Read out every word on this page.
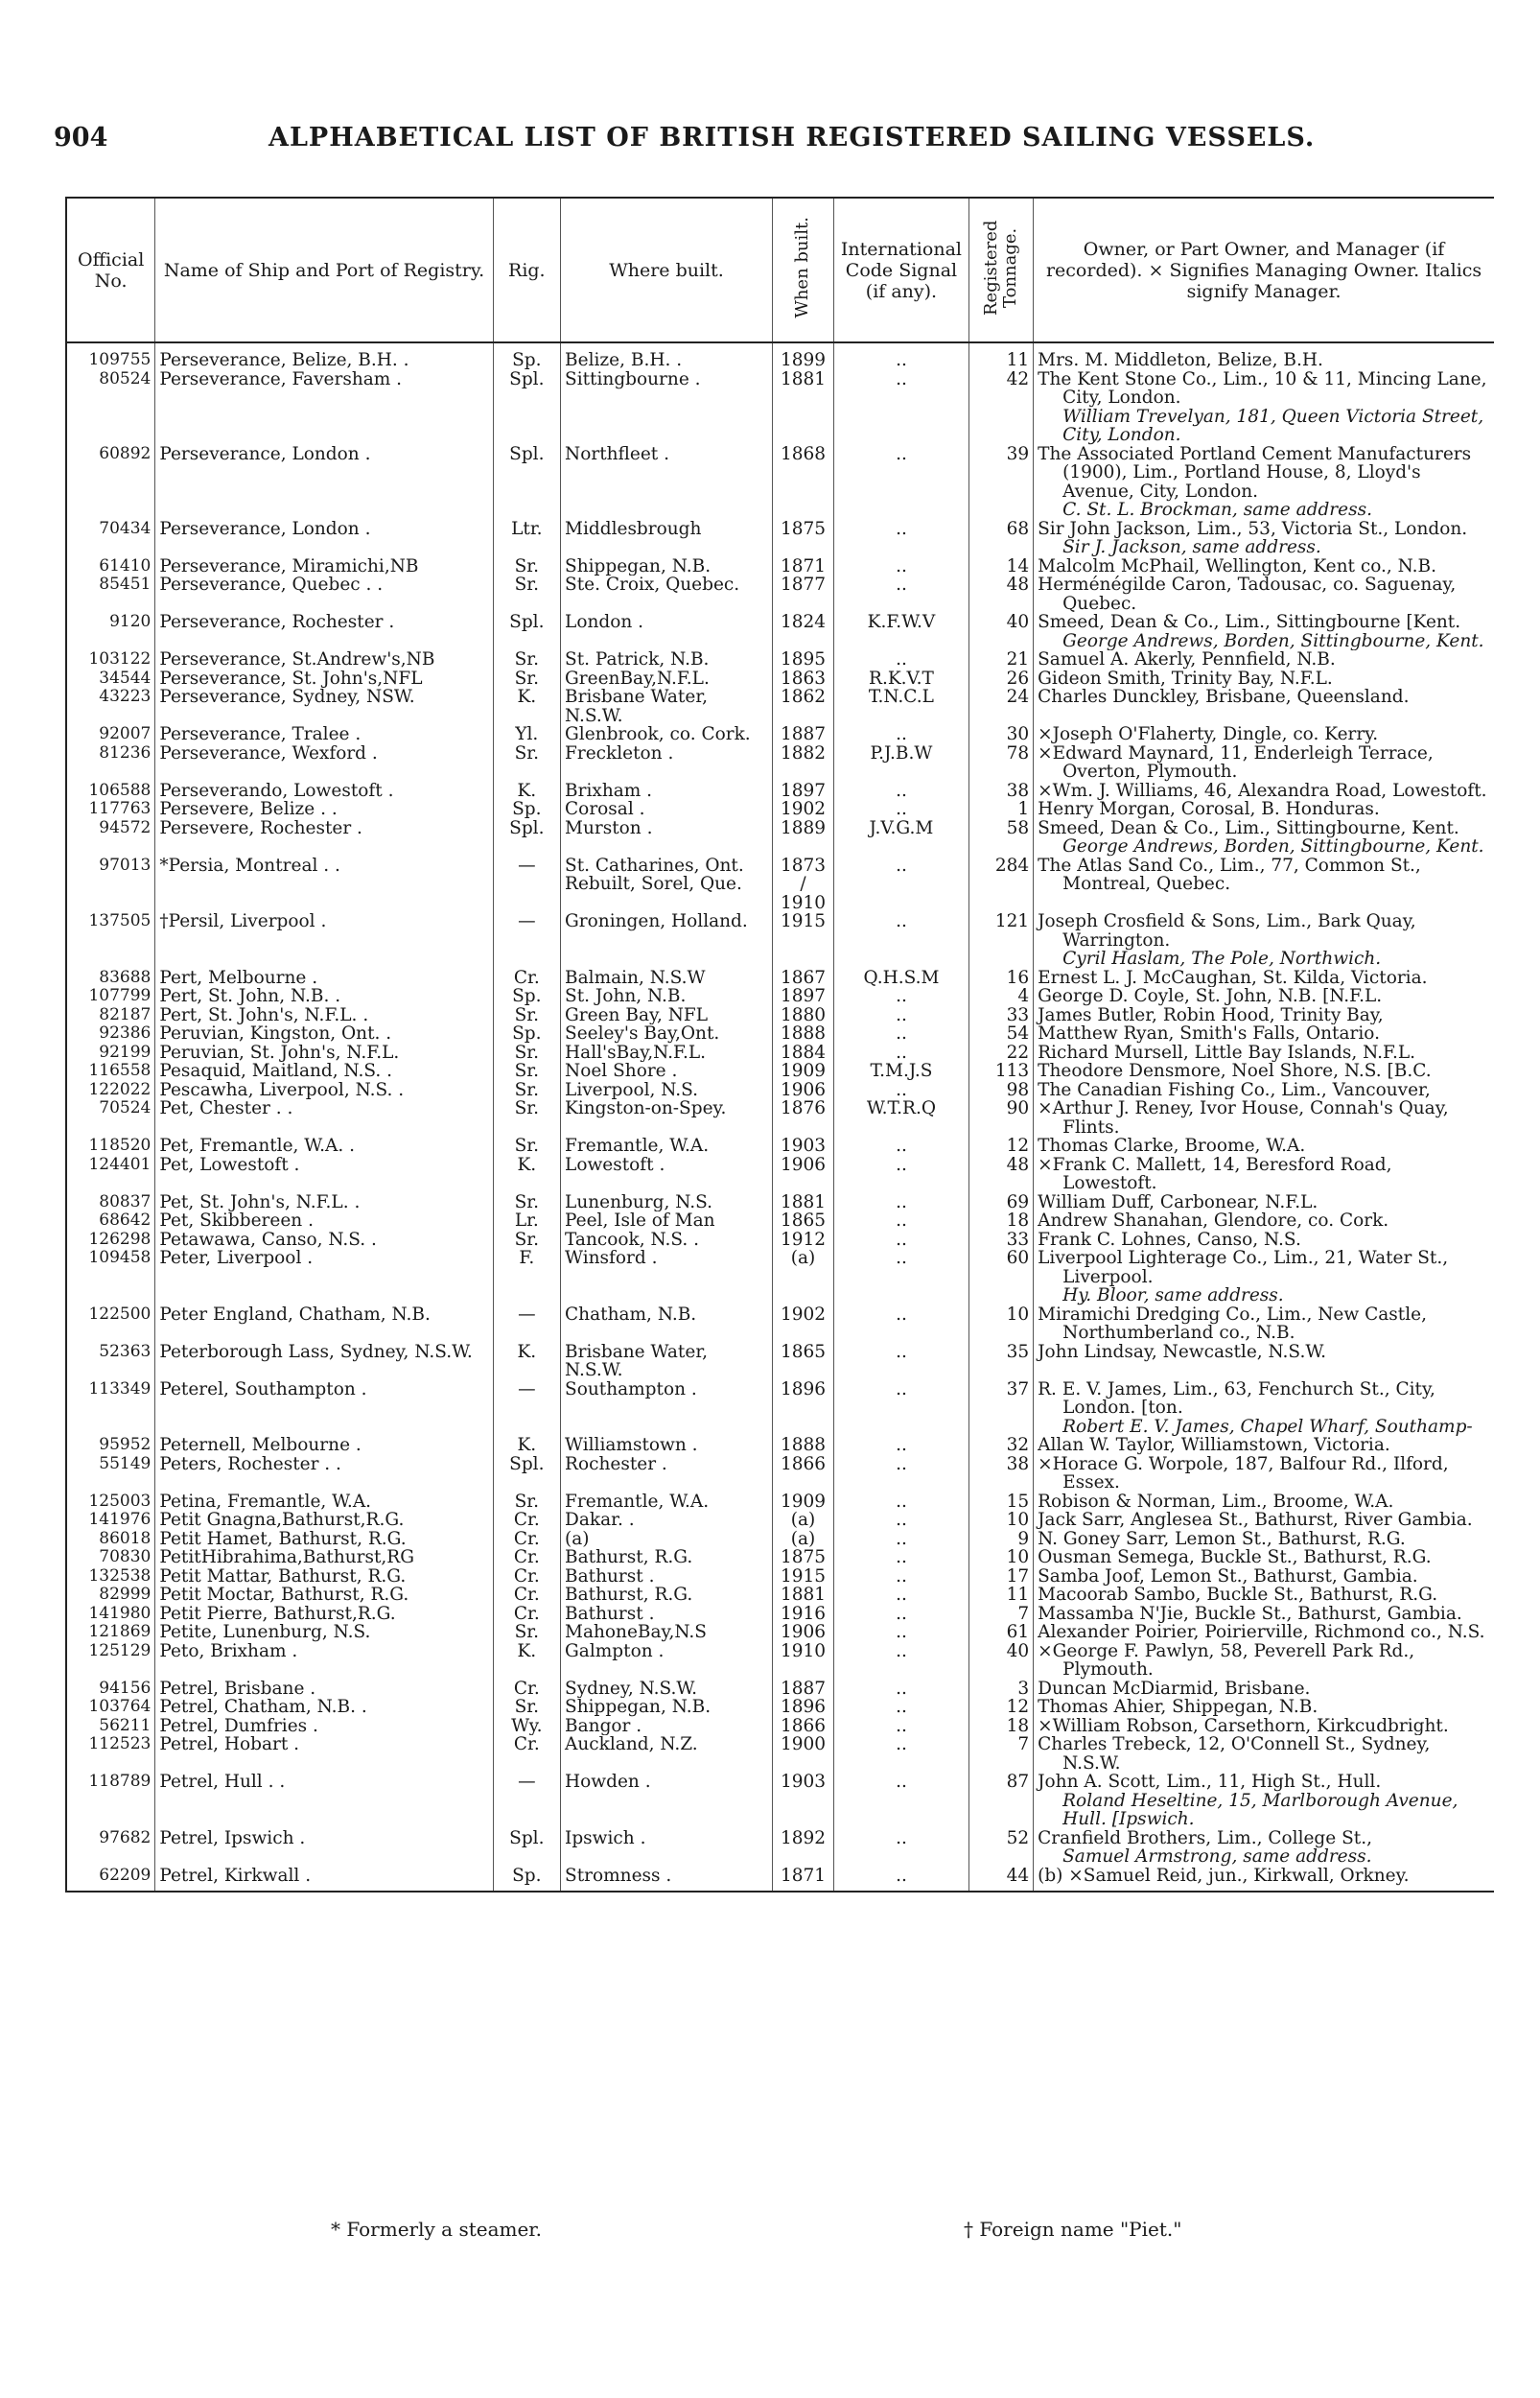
904	ALPHABETICAL LIST OF BRITISH REGISTERED SAILING VESSELS.
Official No.	Name of Ship and Port of Registry.	Rig.	Where built.	When built.	International Code Signal (if any).	Registered Tonnage.	Owner, or Part Owner, and Manager (if recorded). × Signifies Managing Owner. Italics signify Manager.
109755	Perseverance, Belize, B.H. .	Sp.	Belize, B.H. .	1899	..	11	Mrs. M. Middleton, Belize, B.H.

80524	Perseverance, Faversham .	Spl.	Sittingbourne .	1881	..	42	The Kent Stone Co., Lim., 10 & 11, Mincing Lane, City, London.
William Trevelyan, 181, Queen Victoria Street, City, London.

60892	Perseverance, London .	Spl.	Northfleet .	1868	..	39	The Associated Portland Cement Manufacturers (1900), Lim., Portland House, 8, Lloyd's Avenue, City, London.
C. St. L. Brockman, same address.

70434	Perseverance, London .	Ltr.	Middlesbrough	1875	..	68	Sir John Jackson, Lim., 53, Victoria St., London.
Sir J. Jackson, same address.

61410	Perseverance, Miramichi,NB	Sr.	Shippegan, N.B.	1871	..	14	Malcolm McPhail, Wellington, Kent co., N.B.

85451	Perseverance, Quebec . .	Sr.	Ste. Croix, Quebec.	1877	..	48	Herménégilde Caron, Tadousac, co. Saguenay, Quebec.

9120	Perseverance, Rochester .	Spl.	London .	1824	K.F.W.V	40	Smeed, Dean & Co., Lim., Sittingbourne [Kent.
George Andrews, Borden, Sittingbourne, Kent.

103122	Perseverance, St.Andrew's,NB	Sr.	St. Patrick, N.B.	1895	..	21	Samuel A. Akerly, Pennfield, N.B.

34544	Perseverance, St. John's,NFL	Sr.	GreenBay,N.F.L.	1863	R.K.V.T	26	Gideon Smith, Trinity Bay, N.F.L.

43223	Perseverance, Sydney, NSW.	K.	Brisbane Water, N.S.W.	1862	T.N.C.L	24	Charles Dunckley, Brisbane, Queensland.

92007	Perseverance, Tralee .	Yl.	Glenbrook, co. Cork.	1887	..	30	×Joseph O'Flaherty, Dingle, co. Kerry.

81236	Perseverance, Wexford .	Sr.	Freckleton .	1882	P.J.B.W	78	×Edward Maynard, 11, Enderleigh Terrace, Overton, Plymouth.

106588	Perseverando, Lowestoft .	K.	Brixham .	1897	..	38	×Wm. J. Williams, 46, Alexandra Road, Lowestoft.

117763	Persevere, Belize . .	Sp.	Corosal .	1902	..	1	Henry Morgan, Corosal, B. Honduras.

94572	Persevere, Rochester .	Spl.	Murston .	1889	J.V.G.M	58	Smeed, Dean & Co., Lim., Sittingbourne, Kent.
George Andrews, Borden, Sittingbourne, Kent.

97013	*Persia, Montreal . .	—	St. Catharines, Ont. Rebuilt, Sorel, Que.	1873 / 1910	..	284	The Atlas Sand Co., Lim., 77, Common St., Montreal, Quebec.

137505	†Persil, Liverpool .	—	Groningen, Holland.	1915	..	121	Joseph Crosfield & Sons, Lim., Bark Quay, Warrington.
Cyril Haslam, The Pole, Northwich.

83688	Pert, Melbourne .	Cr.	Balmain, N.S.W	1867	Q.H.S.M	16	Ernest L. J. McCaughan, St. Kilda, Victoria.

107799	Pert, St. John, N.B. .	Sp.	St. John, N.B.	1897	..	4	George D. Coyle, St. John, N.B. [N.F.L.

82187	Pert, St. John's, N.F.L. .	Sr.	Green Bay, NFL	1880	..	33	James Butler, Robin Hood, Trinity Bay,

92386	Peruvian, Kingston, Ont. .	Sp.	Seeley's Bay,Ont.	1888	..	54	Matthew Ryan, Smith's Falls, Ontario.

92199	Peruvian, St. John's, N.F.L.	Sr.	Hall'sBay,N.F.L.	1884	..	22	Richard Mursell, Little Bay Islands, N.F.L.

116558	Pesaquid, Maitland, N.S. .	Sr.	Noel Shore .	1909	T.M.J.S	113	Theodore Densmore, Noel Shore, N.S. [B.C.

122022	Pescawha, Liverpool, N.S. .	Sr.	Liverpool, N.S.	1906	..	98	The Canadian Fishing Co., Lim., Vancouver,

70524	Pet, Chester . .	Sr.	Kingston-on-Spey.	1876	W.T.R.Q	90	×Arthur J. Reney, Ivor House, Connah's Quay, Flints.

118520	Pet, Fremantle, W.A. .	Sr.	Fremantle, W.A.	1903	..	12	Thomas Clarke, Broome, W.A.

124401	Pet, Lowestoft .	K.	Lowestoft .	1906	..	48	×Frank C. Mallett, 14, Beresford Road, Lowestoft.

80837	Pet, St. John's, N.F.L. .	Sr.	Lunenburg, N.S.	1881	..	69	William Duff, Carbonear, N.F.L.

68642	Pet, Skibbereen .	Lr.	Peel, Isle of Man	1865	..	18	Andrew Shanahan, Glendore, co. Cork.

126298	Petawawa, Canso, N.S. .	Sr.	Tancook, N.S. .	1912	..	33	Frank C. Lohnes, Canso, N.S.

109458	Peter, Liverpool .	F.	Winsford .	(a)	..	60	Liverpool Lighterage Co., Lim., 21, Water St., Liverpool.
Hy. Bloor, same address.

122500	Peter England, Chatham, N.B.	—	Chatham, N.B.	1902	..	10	Miramichi Dredging Co., Lim., New Castle, Northumberland co., N.B.

52363	Peterborough Lass, Sydney, N.S.W.	K.	Brisbane Water, N.S.W.	1865	..	35	John Lindsay, Newcastle, N.S.W.

113349	Peterel, Southampton .	—	Southampton .	1896	..	37	R. E. V. James, Lim., 63, Fenchurch St., City, London. [ton.
Robert E. V. James, Chapel Wharf, Southamp-

95952	Peternell, Melbourne .	K.	Williamstown .	1888	..	32	Allan W. Taylor, Williamstown, Victoria.

55149	Peters, Rochester . .	Spl.	Rochester .	1866	..	38	×Horace G. Worpole, 187, Balfour Rd., Ilford, Essex.

125003	Petina, Fremantle, W.A.	Sr.	Fremantle, W.A.	1909	..	15	Robison & Norman, Lim., Broome, W.A.

141976	Petit Gnagna,Bathurst,R.G.	Cr.	Dakar. .	(a)	..	10	Jack Sarr, Anglesea St., Bathurst, River Gambia.

86018	Petit Hamet, Bathurst, R.G.	Cr.	(a)	(a)	..	9	N. Goney Sarr, Lemon St., Bathurst, R.G.

70830	PetitHibrahima,Bathurst,RG	Cr.	Bathurst, R.G.	1875	..	10	Ousman Semega, Buckle St., Bathurst, R.G.

132538	Petit Mattar, Bathurst, R.G.	Cr.	Bathurst .	1915	..	17	Samba Joof, Lemon St., Bathurst, Gambia.

82999	Petit Moctar, Bathurst, R.G.	Cr.	Bathurst, R.G.	1881	..	11	Macoorab Sambo, Buckle St., Bathurst, R.G.

141980	Petit Pierre, Bathurst,R.G.	Cr.	Bathurst .	1916	..	7	Massamba N'Jie, Buckle St., Bathurst, Gambia.

121869	Petite, Lunenburg, N.S.	Sr.	MahoneBay,N.S	1906	..	61	Alexander Poirier, Poirierville, Richmond co., N.S.

125129	Peto, Brixham .	K.	Galmpton .	1910	..	40	×George F. Pawlyn, 58, Peverell Park Rd., Plymouth.

94156	Petrel, Brisbane .	Cr.	Sydney, N.S.W.	1887	..	3	Duncan McDiarmid, Brisbane.

103764	Petrel, Chatham, N.B. .	Sr.	Shippegan, N.B.	1896	..	12	Thomas Ahier, Shippegan, N.B.

56211	Petrel, Dumfries .	Wy.	Bangor .	1866	..	18	×William Robson, Carsethorn, Kirkcudbright.

112523	Petrel, Hobart .	Cr.	Auckland, N.Z.	1900	..	7	Charles Trebeck, 12, O'Connell St., Sydney, N.S.W.

118789	Petrel, Hull . .	—	Howden .	1903	..	87	John A. Scott, Lim., 11, High St., Hull.
Roland Heseltine, 15, Marlborough Avenue, Hull. [Ipswich.

97682	Petrel, Ipswich .	Spl.	Ipswich .	1892	..	52	Cranfield Brothers, Lim., College St.,
Samuel Armstrong, same address.

62209	Petrel, Kirkwall .	Sp.	Stromness .	1871	..	44	(b) ×Samuel Reid, jun., Kirkwall, Orkney.
* Formerly a steamer.	† Foreign name "Piet."
